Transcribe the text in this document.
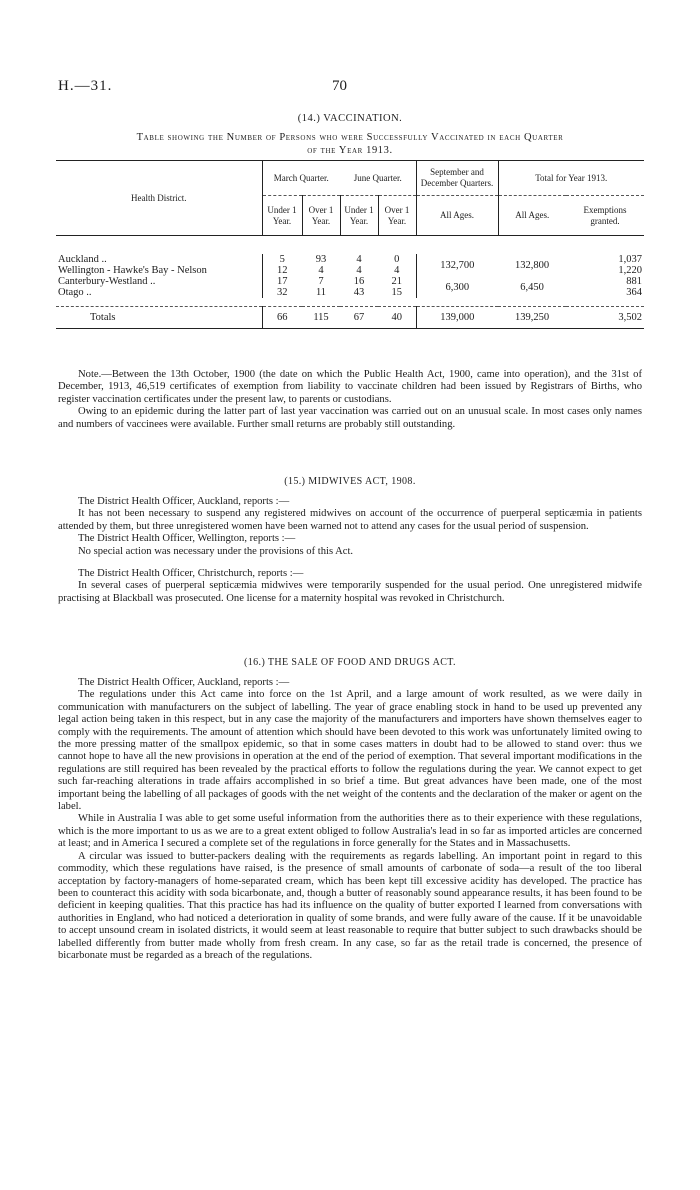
H.—31.	70
(14.) VACCINATION.
Table showing the Number of Persons who were Successfully Vaccinated in each Quarter
of the Year 1913.
Health District.	March Quarter.		June Quarter.		September and December Quarters.	Total for Year 1913.	
	Under 1 Year.	Over 1 Year.	Under 1 Year.	Over 1 Year.	All Ages.	All Ages.	Exemptions granted.

Auckland ..	5	93	4	0	132,700	132,800	1,037
Wellington - Hawke's Bay - Nelson	12	4	4	4			1,220
Canterbury-Westland ..	17	7	16	21	6,300	6,450	881
Otago ..	32	11	43	15			364

Totals	66	115	67	40	139,000	139,250	3,502

Note.—Between the 13th October, 1900 (the date on which the Public Health Act, 1900, came into operation), and the 31st of December, 1913, 46,519 certificates of exemption from liability to vaccinate children had been issued by Registrars of Births, who register vaccination certificates under the present law, to parents or custodians.

Owing to an epidemic during the latter part of last year vaccination was carried out on an unusual scale. In most cases only names and numbers of vaccinees were available. Further small returns are probably still outstanding.

(15.) MIDWIVES ACT, 1908.

The District Health Officer, Auckland, reports :—

It has not been necessary to suspend any registered midwives on account of the occurrence of puerperal septicæmia in patients attended by them, but three unregistered women have been warned not to attend any cases for the usual period of suspension.

The District Health Officer, Wellington, reports :—

No special action was necessary under the provisions of this Act.

The District Health Officer, Christchurch, reports :—

In several cases of puerperal septicæmia midwives were temporarily suspended for the usual period. One unregistered midwife practising at Blackball was prosecuted. One license for a maternity hospital was revoked in Christchurch.

(16.) THE SALE OF FOOD AND DRUGS ACT.

The District Health Officer, Auckland, reports :—

The regulations under this Act came into force on the 1st April, and a large amount of work resulted, as we were daily in communication with manufacturers on the subject of labelling. The year of grace enabling stock in hand to be used up prevented any legal action being taken in this respect, but in any case the majority of the manufacturers and importers have shown themselves eager to comply with the requirements. The amount of attention which should have been devoted to this work was unfortunately limited owing to the more pressing matter of the smallpox epidemic, so that in some cases matters in doubt had to be allowed to stand over: thus we cannot hope to have all the new provisions in operation at the end of the period of exemption. That several important modifications in the regulations are still required has been revealed by the practical efforts to follow the regulations during the year. We cannot expect to get such far-reaching alterations in trade affairs accomplished in so brief a time. But great advances have been made, one of the most important being the labelling of all packages of goods with the net weight of the contents and the declaration of the maker or agent on the label.

While in Australia I was able to get some useful information from the authorities there as to their experience with these regulations, which is the more important to us as we are to a great extent obliged to follow Australia's lead in so far as imported articles are concerned at least; and in America I secured a complete set of the regulations in force generally for the States and in Massachusetts.

A circular was issued to butter-packers dealing with the requirements as regards labelling. An important point in regard to this commodity, which these regulations have raised, is the presence of small amounts of carbonate of soda—a result of the too liberal acceptation by factory-managers of home-separated cream, which has been kept till excessive acidity has developed. The practice has been to counteract this acidity with soda bicarbonate, and, though a butter of reasonably sound appearance results, it has been found to be deficient in keeping qualities. That this practice has had its influence on the quality of butter exported I learned from conversations with authorities in England, who had noticed a deterioration in quality of some brands, and were fully aware of the cause. If it be unavoidable to accept unsound cream in isolated districts, it would seem at least reasonable to require that butter subject to such drawbacks should be labelled differently from butter made wholly from fresh cream. In any case, so far as the retail trade is concerned, the presence of bicarbonate must be regarded as a breach of the regulations.
